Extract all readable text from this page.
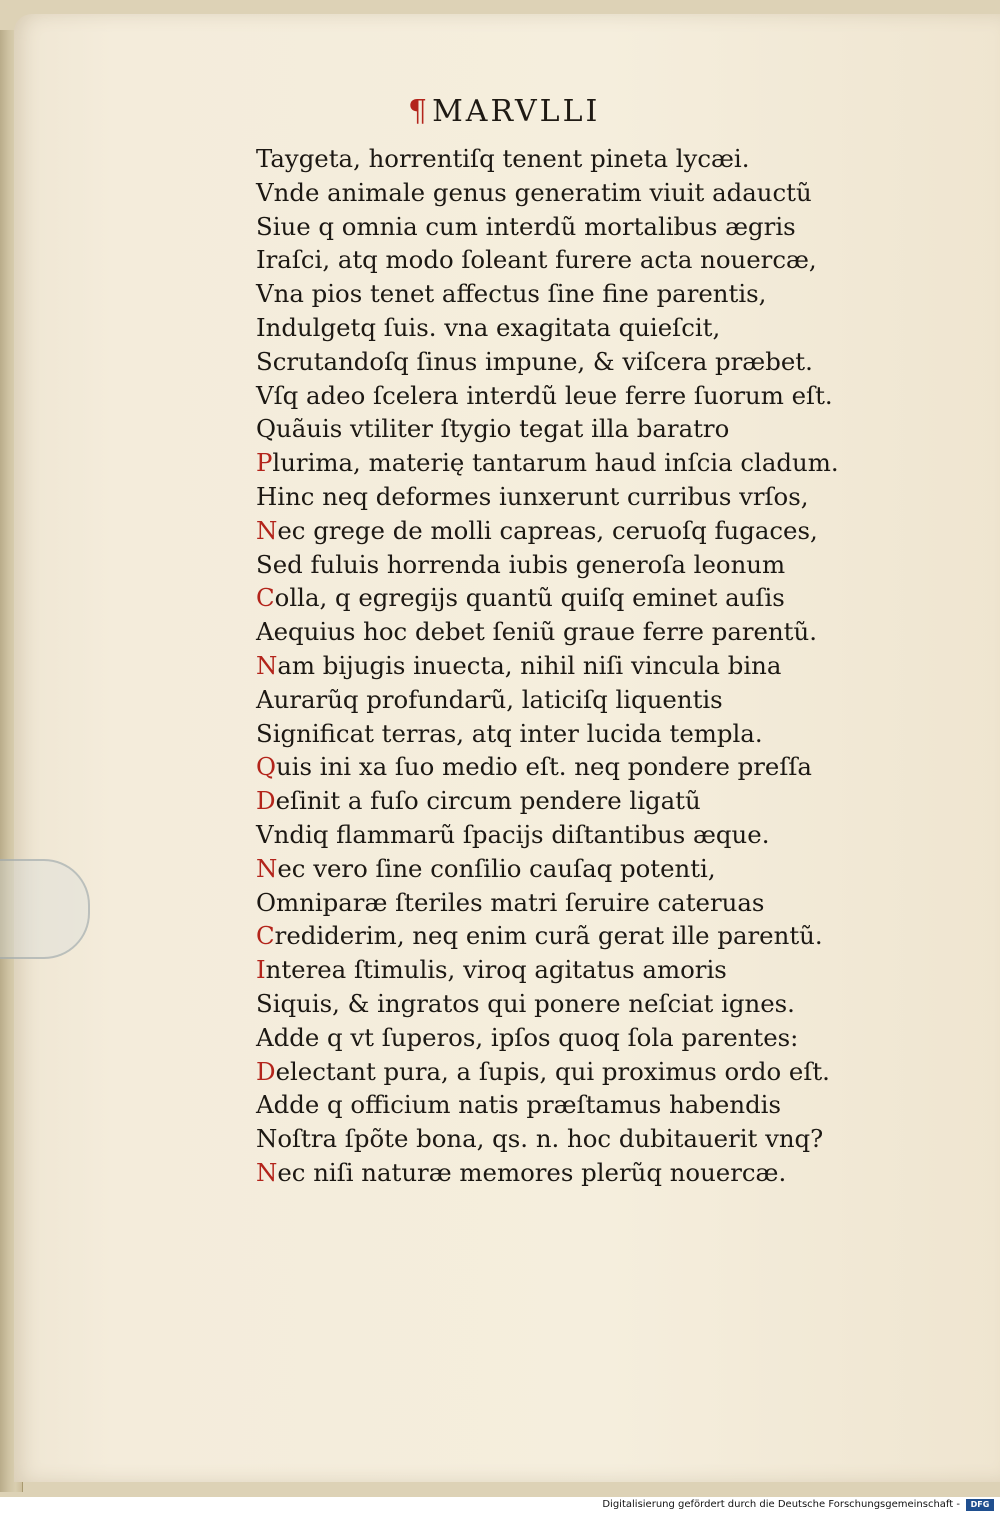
¶MARVLLI
Taygeta, horrentiſq tenent pineta lycæi.
Vnde animale genus generatim viuit adauctũ
Siue q omnia cum interdũ mortalibus ægris
Iraſci, atq modo ſoleant furere acta nouercæ,
Vna pios tenet affectus ſine fine parentis,
Indulgetq ſuis. vna exagitata quieſcit,
Scrutandoſq ſinus impune, & viſcera præbet.
Vſq adeo ſcelera interdũ leue ferre ſuorum eſt.
Quãuis vtiliter ſtygio tegat illa baratro
Plurima, materię tantarum haud inſcia cladum.
Hinc neq deformes iunxerunt curribus vrſos,
Nec grege de molli capreas, ceruoſq fugaces,
Sed fuluis horrenda iubis generoſa leonum
Colla, q egregijs quantũ quiſq eminet auſis
Aequius hoc debet ſeniũ graue ferre parentũ.
Nam bijugis inuecta, nihil niſi vincula bina
Aurarũq profundarũ, laticiſq liquentis
Significat terras, atq inter lucida templa.
Quis ini xa ſuo medio eſt. neq pondere preſſa
Deſinit a fuſo circum pendere ligatũ
Vndiq flammarũ ſpacijs diſtantibus æque.
Nec vero ſine conſilio cauſaq potenti,
Omniparæ ſteriles matri ſeruire cateruas
Crediderim, neq enim curã gerat ille parentũ.
Interea ſtimulis, viroq agitatus amoris
Siquis, & ingratos qui ponere neſciat ignes.
Adde q vt ſuperos, ipſos quoq ſola parentes:
Delectant pura, a ſupis, qui proximus ordo eſt.
Adde q officium natis præſtamus habendis
Noſtra ſpõte bona, qs. n. hoc dubitauerit vnq?
Nec niſi naturæ memores plerũq nouercæ.
Digitalisierung gefördert durch die Deutsche Forschungsgemeinschaft -	DFG
